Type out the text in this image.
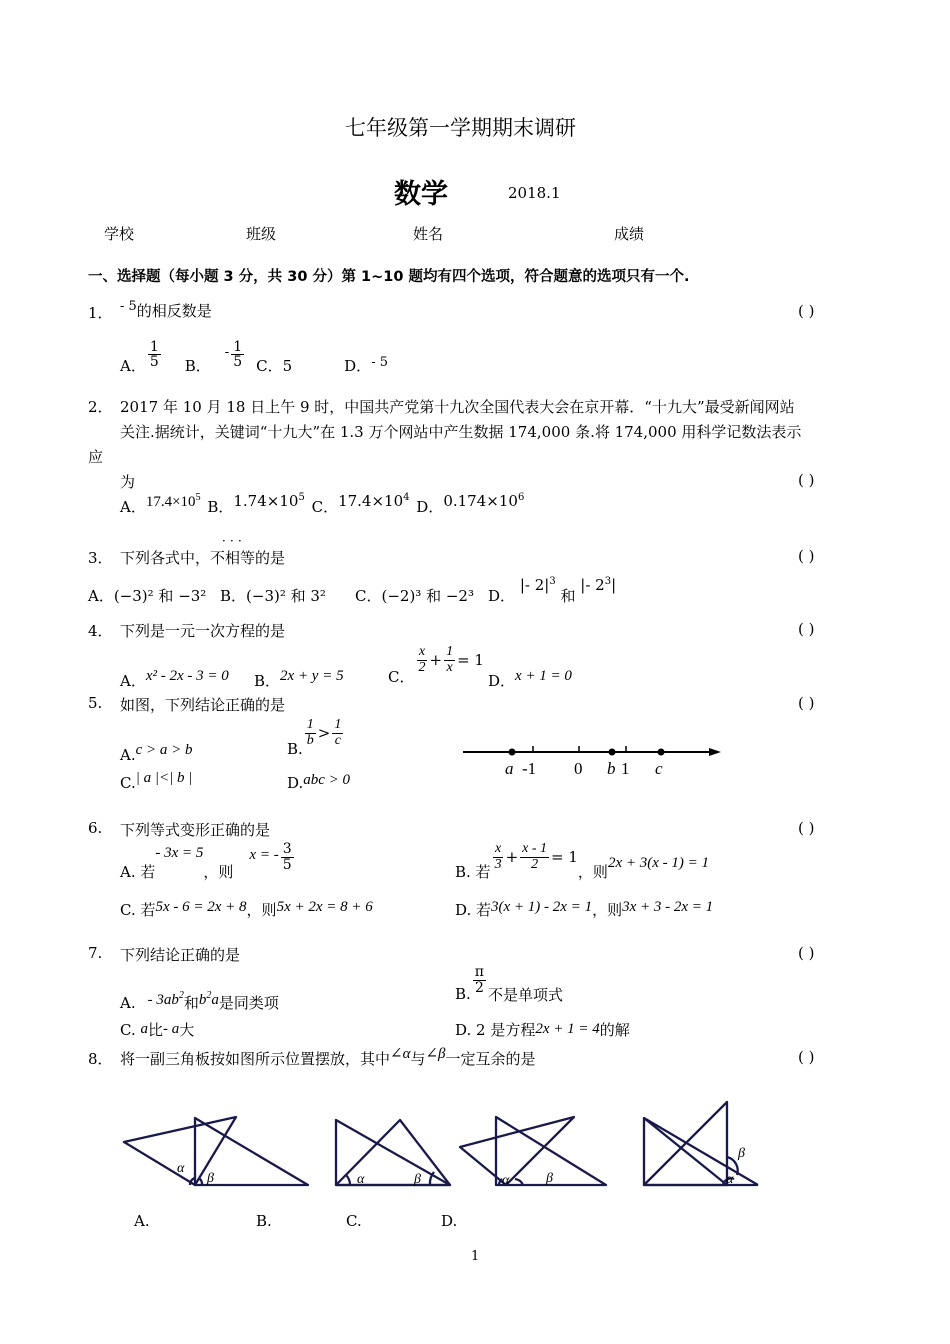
七年级第一学期期末调研
数学	2018.1
学校	班级	姓名	成绩
一、选择题（每小题 3 分，共 30 分）第 1~10 题均有四个选项，符合题意的选项只有一个.
1． - 5的相反数是	( )
A． $\frac{1}{5}$ B．
- $\frac{1}{5}$ C．5	D． - 5
2． 2017 年 10 月 18 日上午 9 时，中国共产党第十九次全国代表大会在京开幕．“十九大”最受新闻网站
关注.据统计，关键词“十九大”在 1.3 万个网站中产生数据 174,000 条.将 174,000 用科学记数法表示
应
为	( )
A．$17.4\times 10^5$ B．$1.74\times 10^5$ C．$17.4\times 10^4$ D．$0.174\times 10^6$
．．．
3． 下列各式中，不相等的是	( )
A．(−3)² 和 −3² B．(−3)² 和 3² C．(−2)³ 和 −2³ D． |- $2|^3$ 和 |- $2^3|$
4． 下列是一元一次方程的是	( )
A．x² - 2x - 3 = 0 B．2x + y = 5	C．
$\frac{x}{2} + \frac{1}{x} = 1$
D．x + 1 = 0
5. 如图，下列结论正确的是	( )
A.c > a > b	B.
$\frac{1}{b} > \frac{1}{c}$
C.| a |<| b |	D.abc > 0
a -1 0 b 1 c
6. 下列等式变形正确的是	( )
A. 若
- 3x = 5
，则
x = - $\frac{3}{5}$	B. 若 $\frac{x}{3} + \frac{x - 1}{2} = 1$
，则 2x + 3(x - 1) = 1
C. 若5x - 6 = 2x + 8，则5x + 2x = 8 + 6	D. 若3(x + 1) - 2x = 1，则3x + 3 - 2x = 1
7. 下列结论正确的是	( )
A. - $3ab^2$和$b^2a$是同类项	B. $\frac{\pi}{2}$ 不是单项式
C. a比- a大	D. 2 是方程2x + 1 = 4的解
8． 将一副三角板按如图所示位置摆放，其中∠α与∠β一定互余的是	( )
α
β	α	β	α	β
β
α
A.	B.	C.	D.
1
